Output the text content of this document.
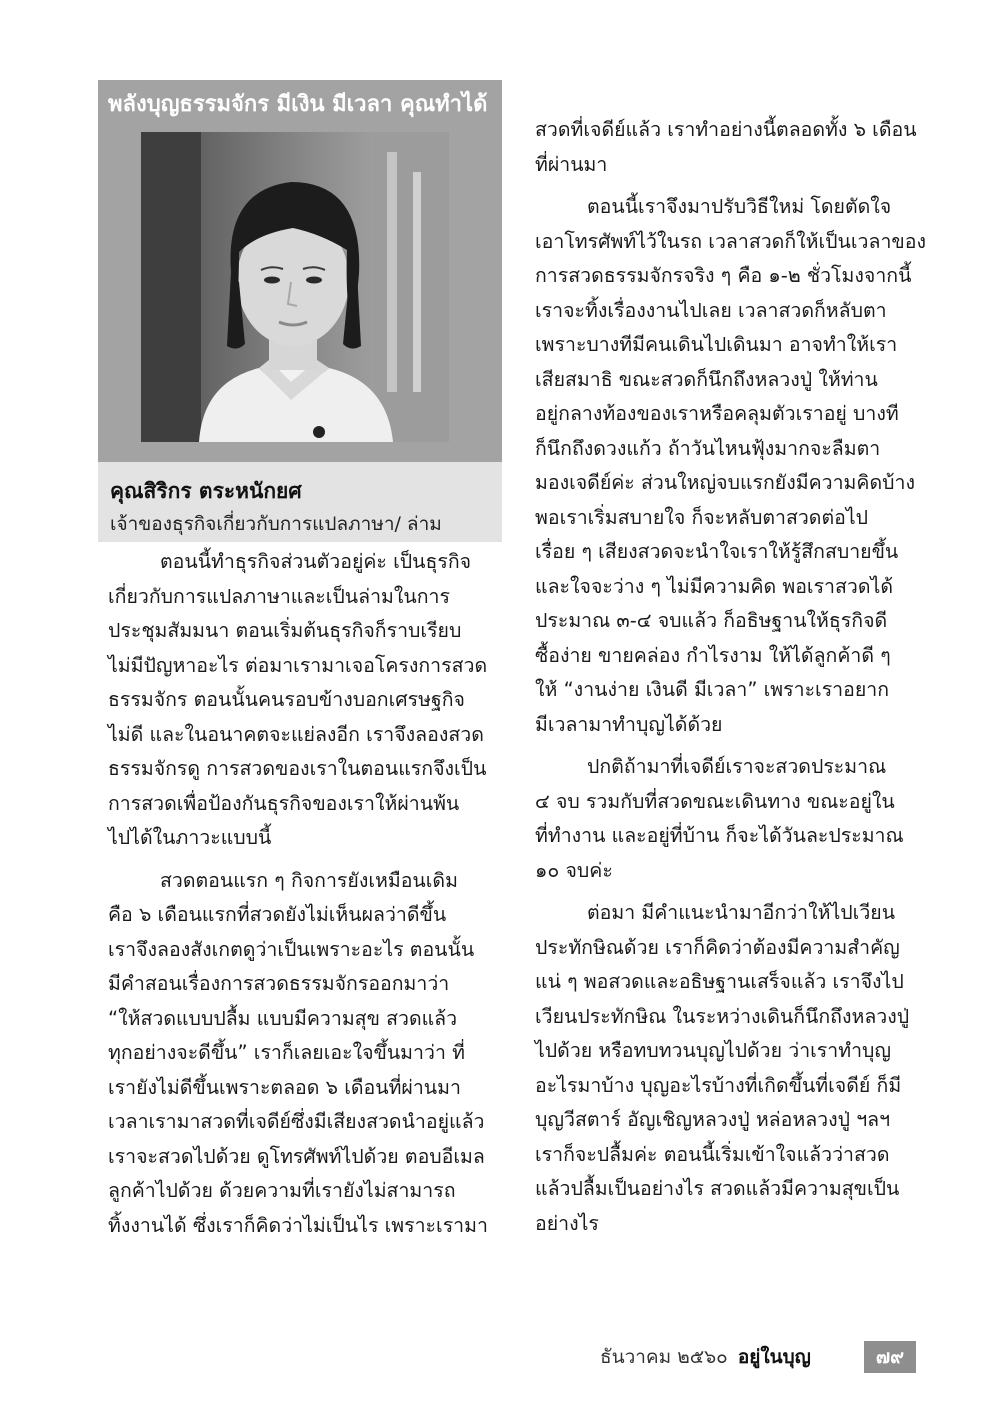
พลังบุญธรรมจักร มีเงิน มีเวลา คุณทำได้
คุณสิริกร ตระหนักยศ
เจ้าของธุรกิจเกี่ยวกับการแปลภาษา/ ล่าม
ตอนนี้ทำธุรกิจส่วนตัวอยู่ค่ะ เป็นธุรกิจ
เกี่ยวกับการแปลภาษาและเป็นล่ามในการ
ประชุมสัมมนา ตอนเริ่มต้นธุรกิจก็ราบเรียบ
ไม่มีปัญหาอะไร ต่อมาเรามาเจอโครงการสวด
ธรรมจักร ตอนนั้นคนรอบข้างบอกเศรษฐกิจ
ไม่ดี และในอนาคตจะแย่ลงอีก เราจึงลองสวด
ธรรมจักรดู การสวดของเราในตอนแรกจึงเป็น
การสวดเพื่อป้องกันธุรกิจของเราให้ผ่านพ้น
ไปได้ในภาวะแบบนี้
สวดตอนแรก ๆ กิจการยังเหมือนเดิม
คือ ๖ เดือนแรกที่สวดยังไม่เห็นผลว่าดีขึ้น
เราจึงลองสังเกตดูว่าเป็นเพราะอะไร ตอนนั้น
มีคำสอนเรื่องการสวดธรรมจักรออกมาว่า
“ให้สวดแบบปลื้ม แบบมีความสุข สวดแล้ว
ทุกอย่างจะดีขึ้น” เราก็เลยเอะใจขึ้นมาว่า ที่
เรายังไม่ดีขึ้นเพราะตลอด ๖ เดือนที่ผ่านมา
เวลาเรามาสวดที่เจดีย์ซึ่งมีเสียงสวดนำอยู่แล้ว
เราจะสวดไปด้วย ดูโทรศัพท์ไปด้วย ตอบอีเมล
ลูกค้าไปด้วย ด้วยความที่เรายังไม่สามารถ
ทิ้งงานได้ ซึ่งเราก็คิดว่าไม่เป็นไร เพราะเรามา
สวดที่เจดีย์แล้ว เราทำอย่างนี้ตลอดทั้ง ๖ เดือน
ที่ผ่านมา
ตอนนี้เราจึงมาปรับวิธีใหม่ โดยตัดใจ
เอาโทรศัพท์ไว้ในรถ เวลาสวดก็ให้เป็นเวลาของ
การสวดธรรมจักรจริง ๆ คือ ๑-๒ ชั่วโมงจากนี้
เราจะทิ้งเรื่องงานไปเลย เวลาสวดก็หลับตา
เพราะบางทีมีคนเดินไปเดินมา อาจทำให้เรา
เสียสมาธิ ขณะสวดก็นึกถึงหลวงปู่ ให้ท่าน
อยู่กลางท้องของเราหรือคลุมตัวเราอยู่ บางที
ก็นึกถึงดวงแก้ว ถ้าวันไหนฟุ้งมากจะลืมตา
มองเจดีย์ค่ะ ส่วนใหญ่จบแรกยังมีความคิดบ้าง
พอเราเริ่มสบายใจ ก็จะหลับตาสวดต่อไป
เรื่อย ๆ เสียงสวดจะนำใจเราให้รู้สึกสบายขึ้น
และใจจะว่าง ๆ ไม่มีความคิด พอเราสวดได้
ประมาณ ๓-๔ จบแล้ว ก็อธิษฐานให้ธุรกิจดี
ซื้อง่าย ขายคล่อง กำไรงาม ให้ได้ลูกค้าดี ๆ
ให้ “งานง่าย เงินดี มีเวลา” เพราะเราอยาก
มีเวลามาทำบุญได้ด้วย
ปกติถ้ามาที่เจดีย์เราจะสวดประมาณ
๔ จบ รวมกับที่สวดขณะเดินทาง ขณะอยู่ใน
ที่ทำงาน และอยู่ที่บ้าน ก็จะได้วันละประมาณ
๑๐ จบค่ะ
ต่อมา มีคำแนะนำมาอีกว่าให้ไปเวียน
ประทักษิณด้วย เราก็คิดว่าต้องมีความสำคัญ
แน่ ๆ พอสวดและอธิษฐานเสร็จแล้ว เราจึงไป
เวียนประทักษิณ ในระหว่างเดินก็นึกถึงหลวงปู่
ไปด้วย หรือทบทวนบุญไปด้วย ว่าเราทำบุญ
อะไรมาบ้าง บุญอะไรบ้างที่เกิดขึ้นที่เจดีย์ ก็มี
บุญวีสตาร์ อัญเชิญหลวงปู่ หล่อหลวงปู่ ฯลฯ
เราก็จะปลื้มค่ะ ตอนนี้เริ่มเข้าใจแล้วว่าสวด
แล้วปลื้มเป็นอย่างไร สวดแล้วมีความสุขเป็น
อย่างไร
ธันวาคม ๒๕๖๐ อยู่ในบุญ	๗๙
